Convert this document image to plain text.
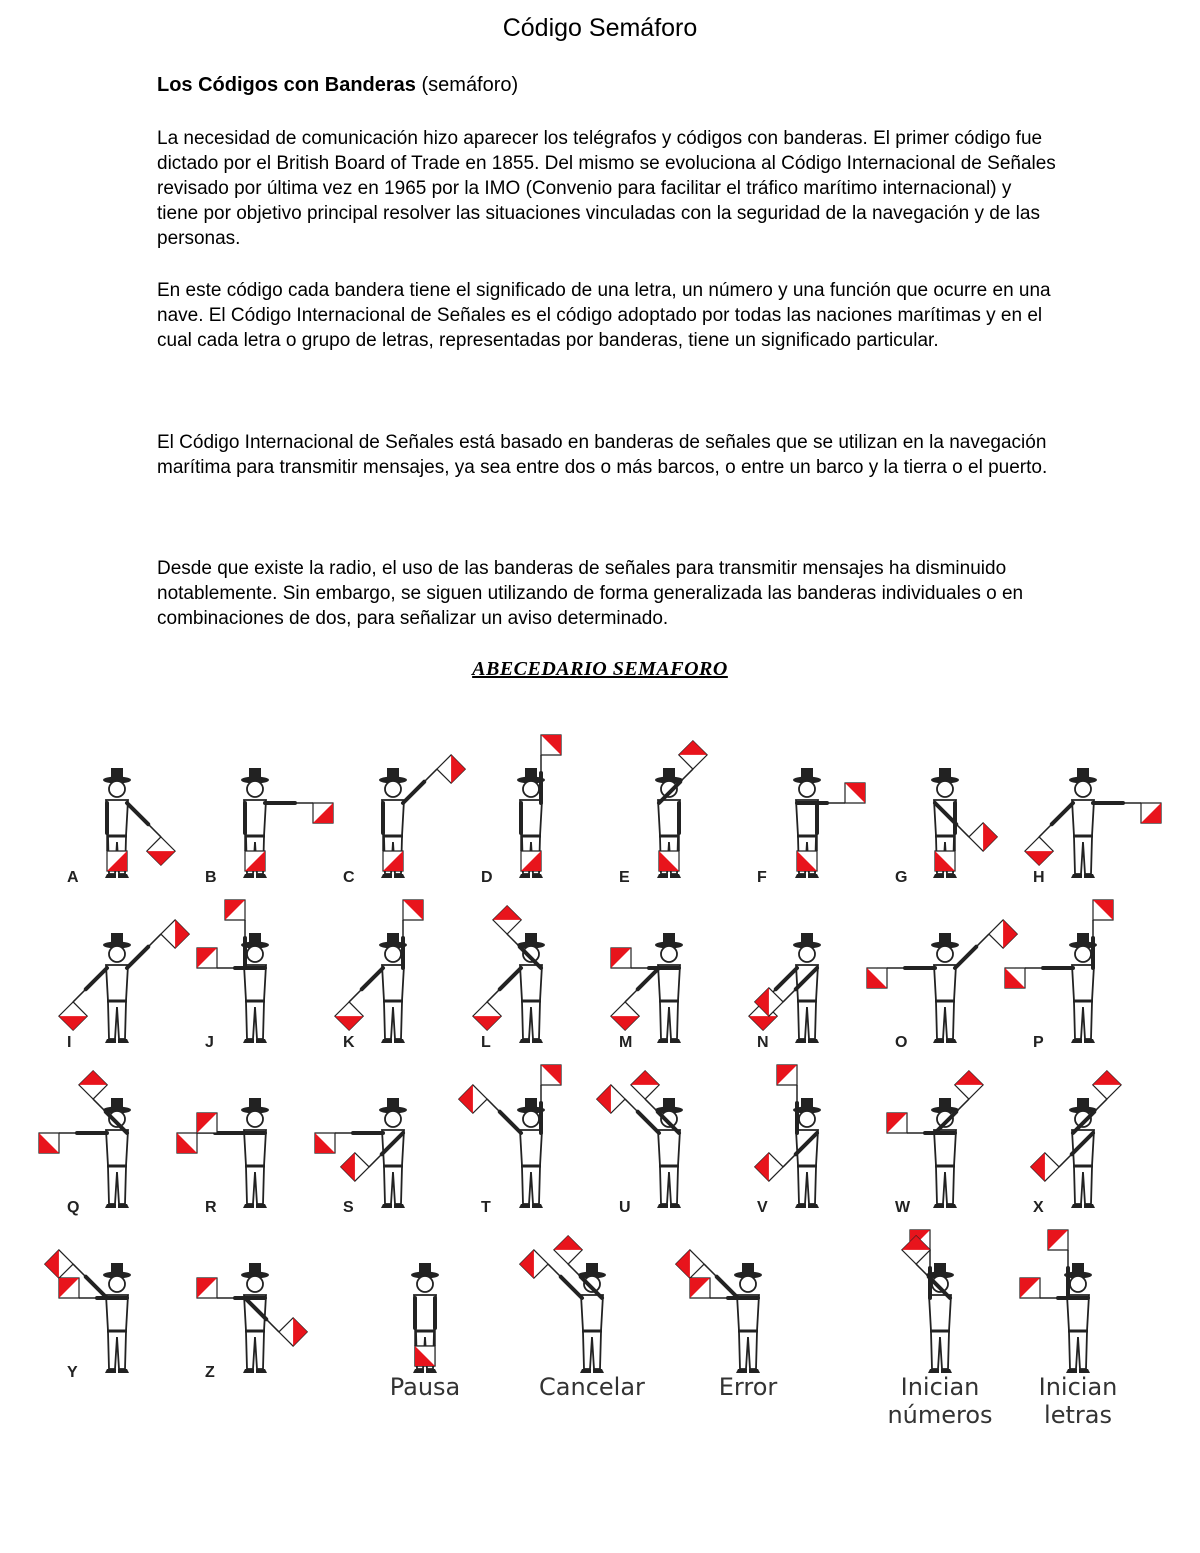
Código Semáforo
Los Códigos con Banderas (semáforo)

La necesidad de comunicación hizo aparecer los telégrafos y códigos con banderas. El primer código fue dictado por el British Board of Trade en 1855. Del mismo se evoluciona al Código Internacional de Señales revisado por última vez en 1965 por la IMO (Convenio para facilitar el tráfico marítimo internacional) y tiene por objetivo principal resolver las situaciones vinculadas con la seguridad de la navegación y de las personas.

En este código cada bandera tiene el significado de una letra, un número y una función que ocurre en una nave. El Código Internacional de Señales es el código adoptado por todas las naciones marítimas y en el cual cada letra o grupo de letras, representadas por banderas, tiene un significado particular.

El Código Internacional de Señales está basado en banderas de señales que se utilizan en la navegación marítima para transmitir mensajes, ya sea entre dos o más barcos, o entre un barco y la tierra o el puerto.

Desde que existe la radio, el uso de las banderas de señales para transmitir mensajes ha disminuido notablemente. Sin embargo, se siguen utilizando de forma generalizada las banderas individuales o en combinaciones de dos, para señalizar un aviso determinado.

ABECEDARIO SEMAFORO
A	B	C	D	E	F	G	H
I	J	K	L	M	N	O	P
Q	R	S	T	U	V	W	X
Y	Z
Pausa	Cancelar	Error	Inician
números
Inician
letras
